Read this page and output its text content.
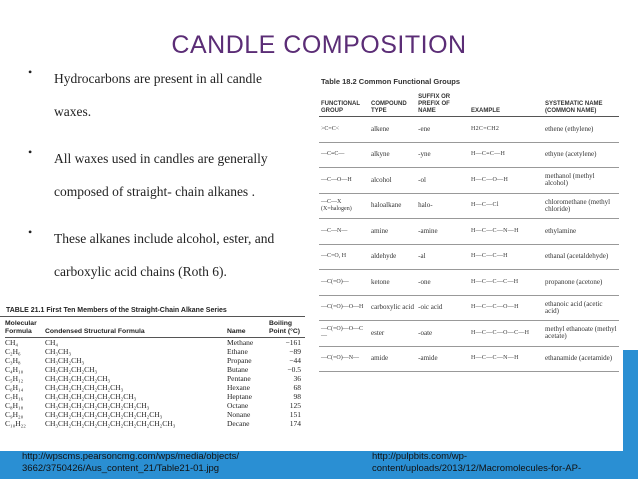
CANDLE COMPOSITION
• Hydrocarbons are present in all candle
waxes.
• All waxes used in candles are generally
composed of straight- chain alkanes .
• These alkanes include alcohol, ester, and
carboxylic acid chains (Roth 6).
Table 18.2 Common Functional Groups
FUNCTIONAL GROUP	COMPOUND TYPE	SUFFIX OR PREFIX OF NAME	EXAMPLE	SYSTEMATIC NAME (COMMON NAME)
>C=C<	alkene	-ene	H2C=CH2	ethene (ethylene)
—C≡C—	alkyne	-yne	H—C≡C—H	ethyne (acetylene)
—C—O—H	alcohol	-ol	H—C—O—H	methanol (methyl alcohol)
—C—X (X=halogen)	haloalkane	halo-	H—C—Cl	chloromethane (methyl chloride)
—C—N—	amine	-amine	H—C—C—N—H	ethylamine
—C=O, H	aldehyde	-al	H—C—C—H	ethanal (acetaldehyde)
—C(=O)—	ketone	-one	H—C—C—C—H	propanone (acetone)
—C(=O)—O—H	carboxylic acid	-oic acid	H—C—C—O—H	ethanoic acid (acetic acid)
—C(=O)—O—C—	ester	-oate	H—C—C—O—C—H	methyl ethanoate (methyl acetate)
—C(=O)—N—	amide	-amide	H—C—C—N—H	ethanamide (acetamide)
TABLE 21.1 First Ten Members of the Straight-Chain Alkane Series
Molecular Formula	Condensed Structural Formula	Name	Boiling Point (°C)
CH₄	CH₄	Methane	−161
C₂H₆	CH₃CH₃	Ethane	−89
C₃H₈	CH₃CH₂CH₃	Propane	−44
C₄H₁₀	CH₃CH₂CH₂CH₃	Butane	−0.5
C₅H₁₂	CH₃CH₂CH₂CH₂CH₃	Pentane	36
C₆H₁₄	CH₃CH₂CH₂CH₂CH₂CH₃	Hexane	68
C₇H₁₆	CH₃CH₂CH₂CH₂CH₂CH₂CH₃	Heptane	98
C₈H₁₈	CH₃CH₂CH₂CH₂CH₂CH₂CH₂CH₃	Octane	125
C₉H₂₀	CH₃CH₂CH₂CH₂CH₂CH₂CH₂CH₂CH₃	Nonane	151
C₁₀H₂₂	CH₃CH₂CH₂CH₂CH₂CH₂CH₂CH₂CH₂CH₃	Decane	174
http://wpscms.pearsoncmg.com/wps/media/objects/
3662/3750426/Aus_content_21/Table21-01.jpg
http://pulpbits.com/wp-
content/uploads/2013/12/Macromolecules-for-AP-
